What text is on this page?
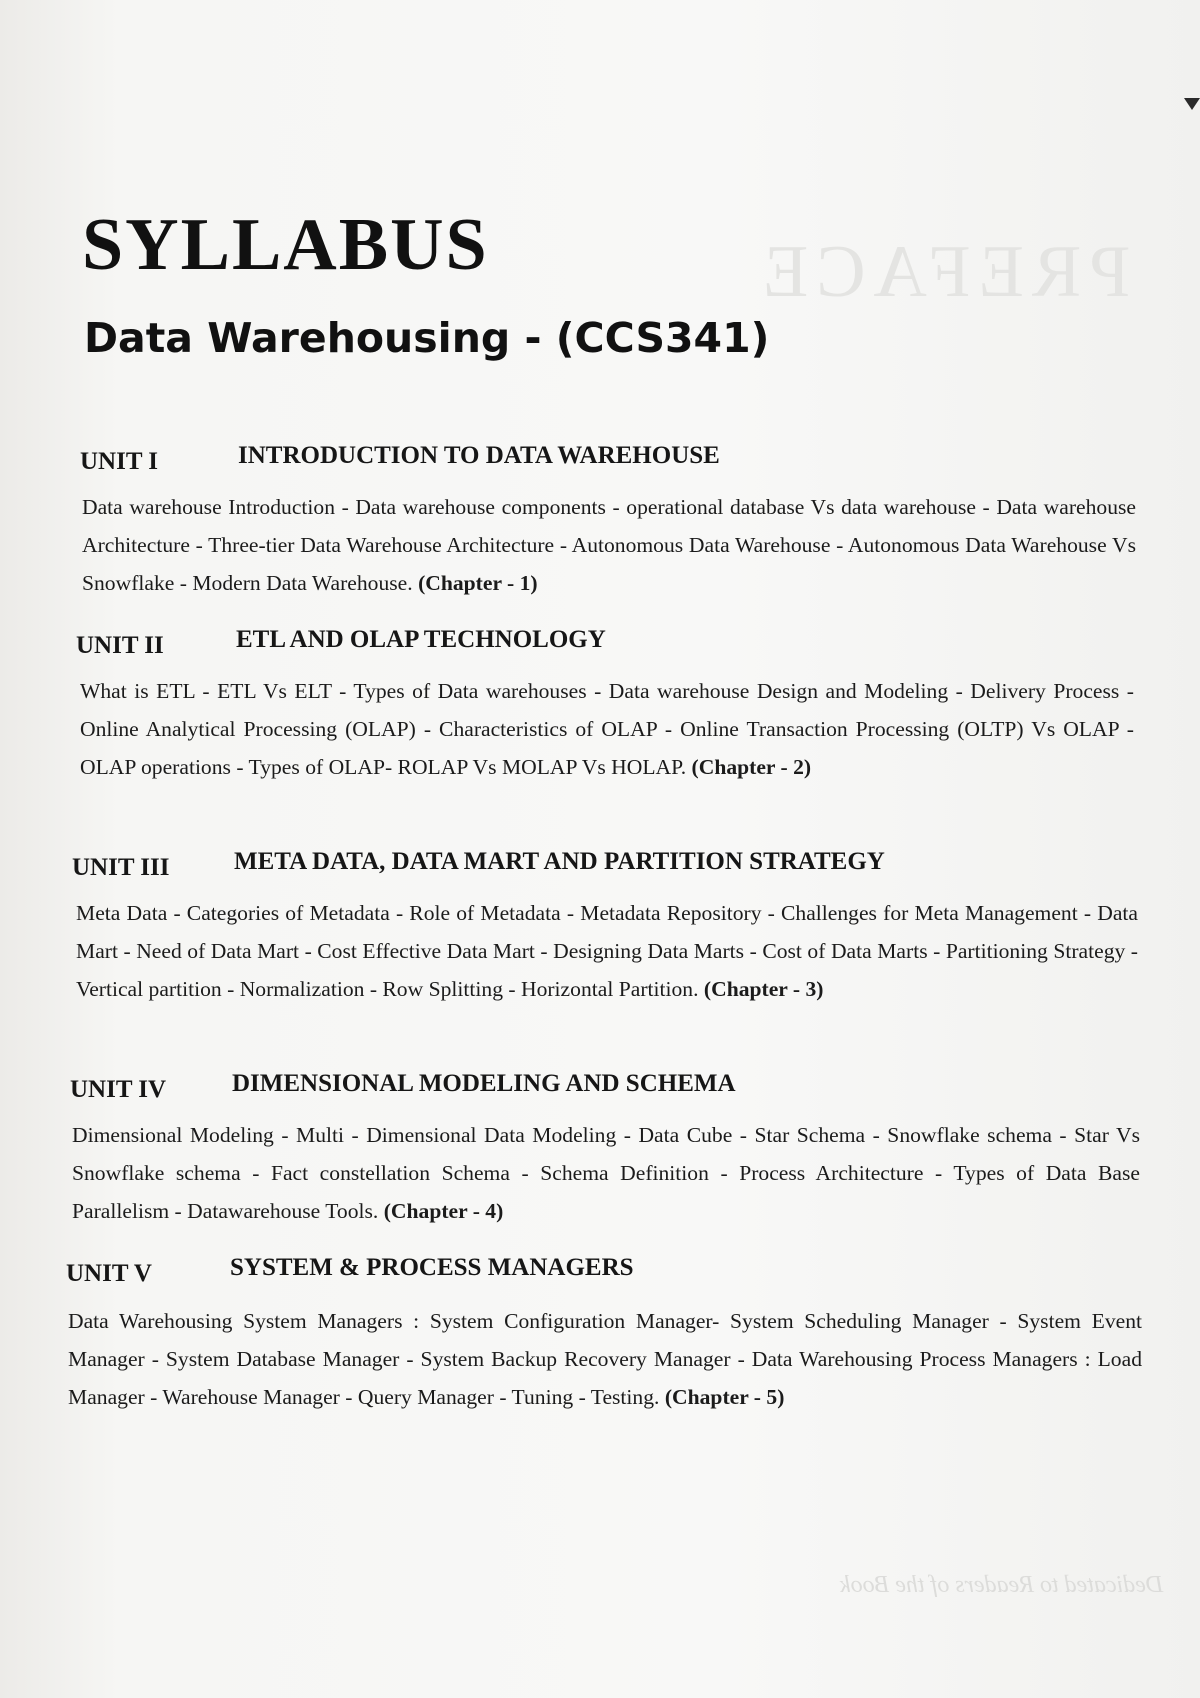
PREFACE
Dedicated to Readers of the Book
SYLLABUS
Data Warehousing - (CCS341)
UNIT I	INTRODUCTION TO DATA WAREHOUSE

Data warehouse Introduction - Data warehouse components - operational database Vs data warehouse - Data warehouse Architecture - Three-tier Data Warehouse Architecture - Autonomous Data Warehouse - Autonomous Data Warehouse Vs Snowflake - Modern Data Warehouse. (Chapter - 1)

UNIT II	ETL AND OLAP TECHNOLOGY

What is ETL - ETL Vs ELT - Types of Data warehouses - Data warehouse Design and Modeling - Delivery Process - Online Analytical Processing (OLAP) - Characteristics of OLAP - Online Transaction Processing (OLTP) Vs OLAP - OLAP operations - Types of OLAP- ROLAP Vs MOLAP Vs HOLAP. (Chapter - 2)

UNIT III	META DATA, DATA MART AND PARTITION STRATEGY

Meta Data - Categories of Metadata - Role of Metadata - Metadata Repository - Challenges for Meta Management - Data Mart - Need of Data Mart - Cost Effective Data Mart - Designing Data Marts - Cost of Data Marts - Partitioning Strategy - Vertical partition - Normalization - Row Splitting - Horizontal Partition. (Chapter - 3)

UNIT IV	DIMENSIONAL MODELING AND SCHEMA

Dimensional Modeling - Multi - Dimensional Data Modeling - Data Cube - Star Schema - Snowflake schema - Star Vs Snowflake schema - Fact constellation Schema - Schema Definition - Process Architecture - Types of Data Base Parallelism - Datawarehouse Tools. (Chapter - 4)

UNIT V	SYSTEM & PROCESS MANAGERS

Data Warehousing System Managers : System Configuration Manager- System Scheduling Manager - System Event Manager - System Database Manager - System Backup Recovery Manager - Data Warehousing Process Managers : Load Manager - Warehouse Manager - Query Manager - Tuning - Testing. (Chapter - 5)
